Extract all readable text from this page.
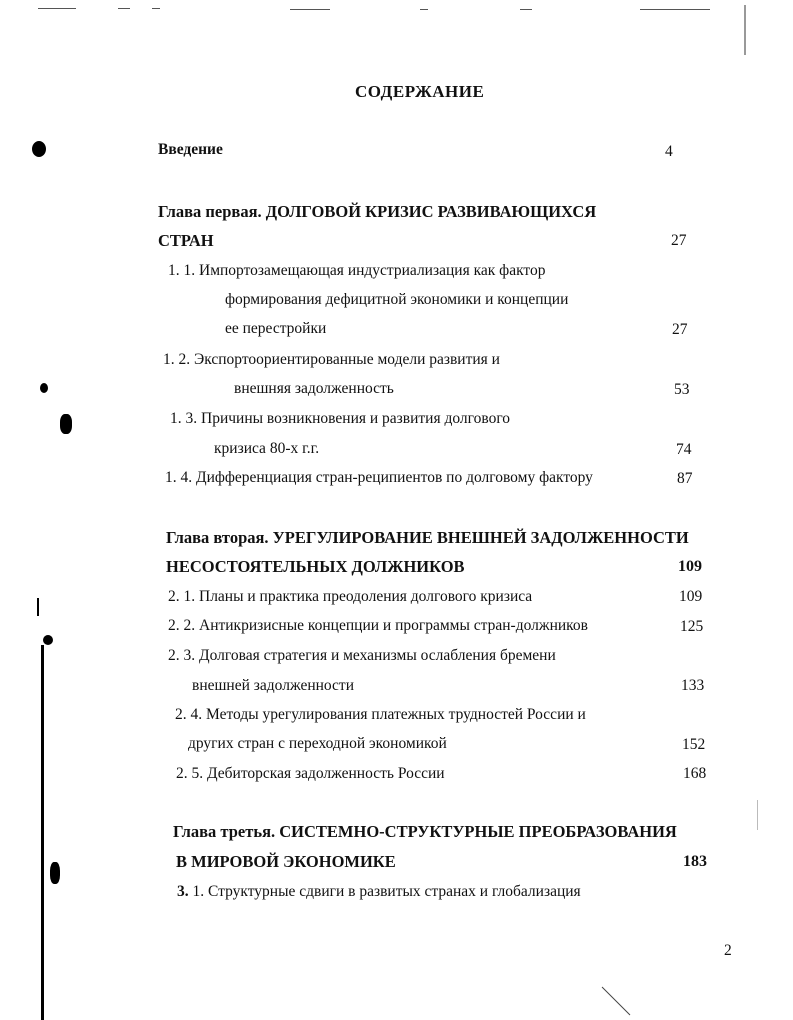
СОДЕРЖАНИЕ
Введение	4
Глава первая. ДОЛГОВОЙ КРИЗИС РАЗВИВАЮЩИХСЯ
СТРАН	27
1. 1. Импортозамещающая индустриализация как фактор
формирования дефицитной экономики и концепции
ее перестройки	27
1. 2. Экспортоориентированные модели развития и
внешняя задолженность	53
1. 3. Причины возникновения и развития долгового
кризиса 80-х г.г.	74
1. 4. Дифференциация стран-реципиентов по долговому фактору	87
Глава вторая. УРЕГУЛИРОВАНИЕ ВНЕШНЕЙ ЗАДОЛЖЕННОСТИ
НЕСОСТОЯТЕЛЬНЫХ ДОЛЖНИКОВ	109
2. 1. Планы и практика преодоления долгового кризиса	109
2. 2. Антикризисные концепции и программы стран-должников	125
2. 3. Долговая стратегия и механизмы ослабления бремени
внешней задолженности	133
2. 4. Методы урегулирования платежных трудностей России и
других стран с переходной экономикой	152
2. 5. Дебиторская задолженность России	168
Глава третья. СИСТЕМНО-СТРУКТУРНЫЕ ПРЕОБРАЗОВАНИЯ
В МИРОВОЙ ЭКОНОМИКЕ	183
3. 1. Структурные сдвиги в развитых странах и глобализация
2
